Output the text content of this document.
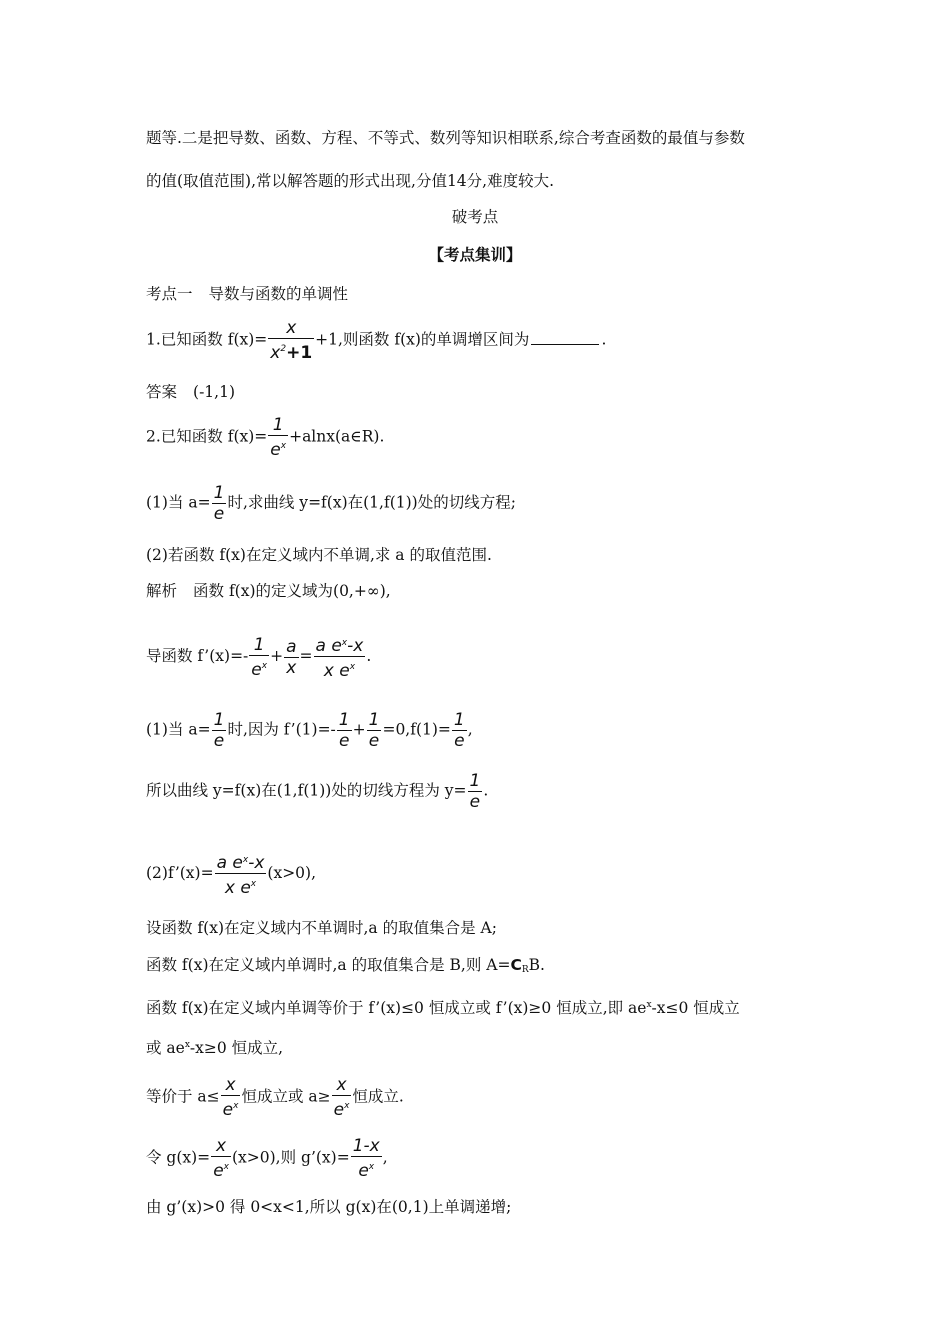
题等.二是把导数、函数、方程、不等式、数列等知识相联系,综合考查函数的最值与参数
的值(取值范围),常以解答题的形式出现,分值14分,难度较大.
破考点
【考点集训】
考点一 导数与函数的单调性
1.已知函数 $f(x)= \frac{x}{x^2+1} +1$,则函数 f(x)的单调增区间为	.
答案 (-1,1)
2.已知函数 $f(x)= \frac{1}{e^x}$ +alnx(a∈R).
(1)当 $a= \frac{1}{e}$ 时,求曲线 y=f(x)在(1,f(1))处的切线方程;
(2)若函数 f(x)在定义域内不单调,求 a 的取值范围.
解析 函数 f(x)的定义域为(0,+∞),
导函数 f’(x)=- $\frac{1}{e^x} + \frac{a}{x} = \frac{a e^x-x}{x e^x}$ .
(1)当 $a= \frac{1}{e}$ 时,因为 f’(1)=- $\frac{1}{e} + \frac{1}{e} =0,f(1)= \frac{1}{e}$ ,
所以曲线 y=f(x)在(1,f(1))处的切线方程为 $y= \frac{1}{e}$ .
(2)f’(x)= $\frac{a e^x-x}{x e^x} (x>0)$,
设函数 f(x)在定义域内不单调时,a 的取值集合是 A;
函数 f(x)在定义域内单调时,a 的取值集合是 B,则 $A=C_RB$.
函数 f(x)在定义域内单调等价于 f’(x)≤0 恒成立或 f’(x)≥0 恒成立,即 $ae^x-x\le 0$ 恒成立
或 $ae^x-x\ge 0$ 恒成立,
等价于 $a\le \frac{x}{e^x}$ 恒成立或 $a\ge \frac{x}{e^x}$ 恒成立.
令 $g(x)= \frac{x}{e^x} (x>0)$,则 g’(x)= $\frac{1-x}{e^x}$ ,
由 g’(x)>0 得 0<x<1,所以 g(x)在(0,1)上单调递增;
